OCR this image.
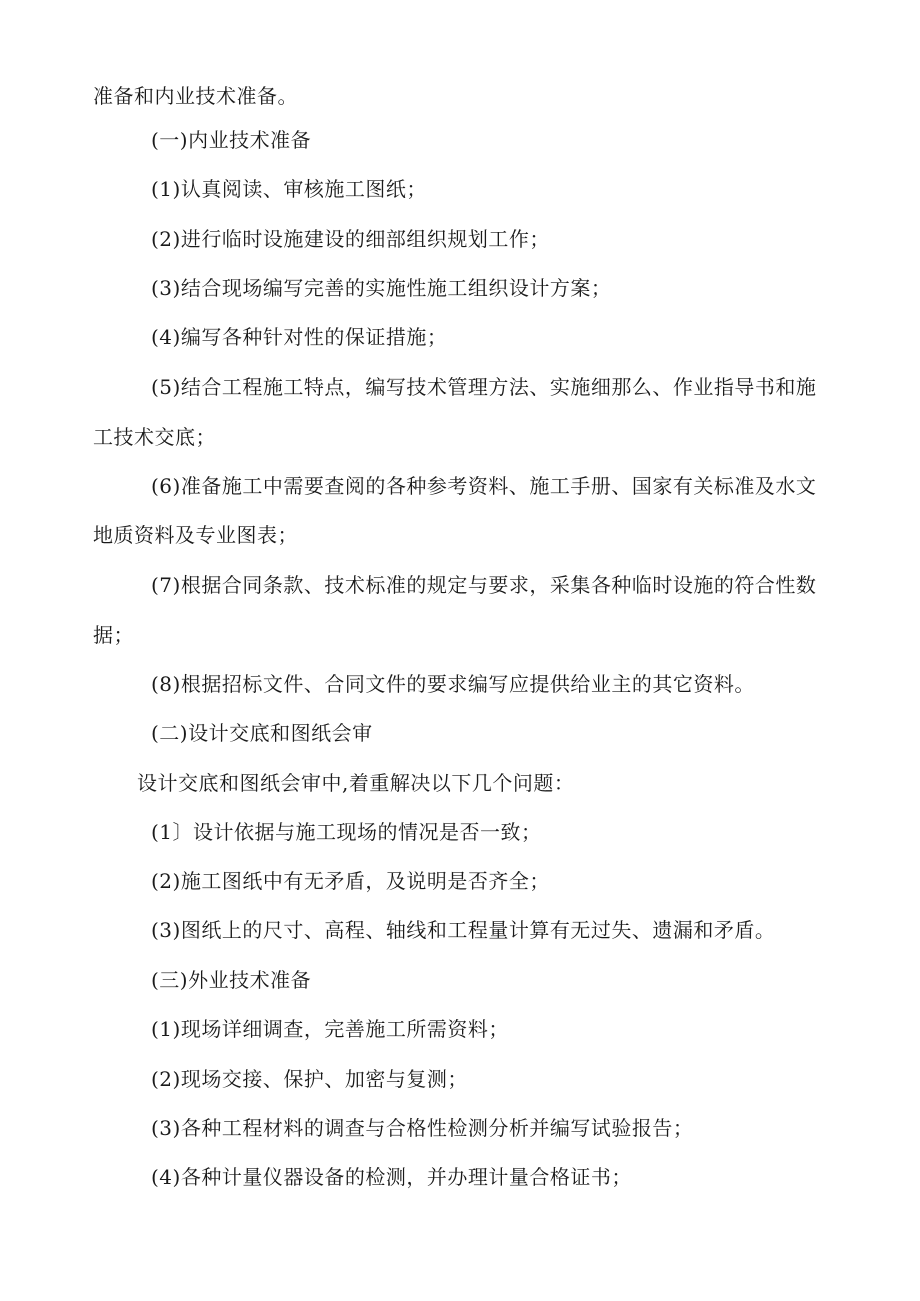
准备和内业技术准备。
(一)内业技术准备
(1)认真阅读、审核施工图纸；
(2)进行临时设施建设的细部组织规划工作；
(3)结合现场编写完善的实施性施工组织设计方案；
(4)编写各种针对性的保证措施；
(5)结合工程施工特点，编写技术管理方法、实施细那么、作业指导书和施
工技术交底；
(6)准备施工中需要查阅的各种参考资料、施工手册、国家有关标准及水文
地质资料及专业图表；
(7)根据合同条款、技术标准的规定与要求，采集各种临时设施的符合性数
据；
(8)根据招标文件、合同文件的要求编写应提供给业主的其它资料。
(二)设计交底和图纸会审
设计交底和图纸会审中,着重解决以下几个问题：
(1〕设计依据与施工现场的情况是否一致；
(2)施工图纸中有无矛盾，及说明是否齐全；
(3)图纸上的尺寸、高程、轴线和工程量计算有无过失、遗漏和矛盾。
(三)外业技术准备
(1)现场详细调查，完善施工所需资料；
(2)现场交接、保护、加密与复测；
(3)各种工程材料的调查与合格性检测分析并编写试验报告；
(4)各种计量仪器设备的检测，并办理计量合格证书；
